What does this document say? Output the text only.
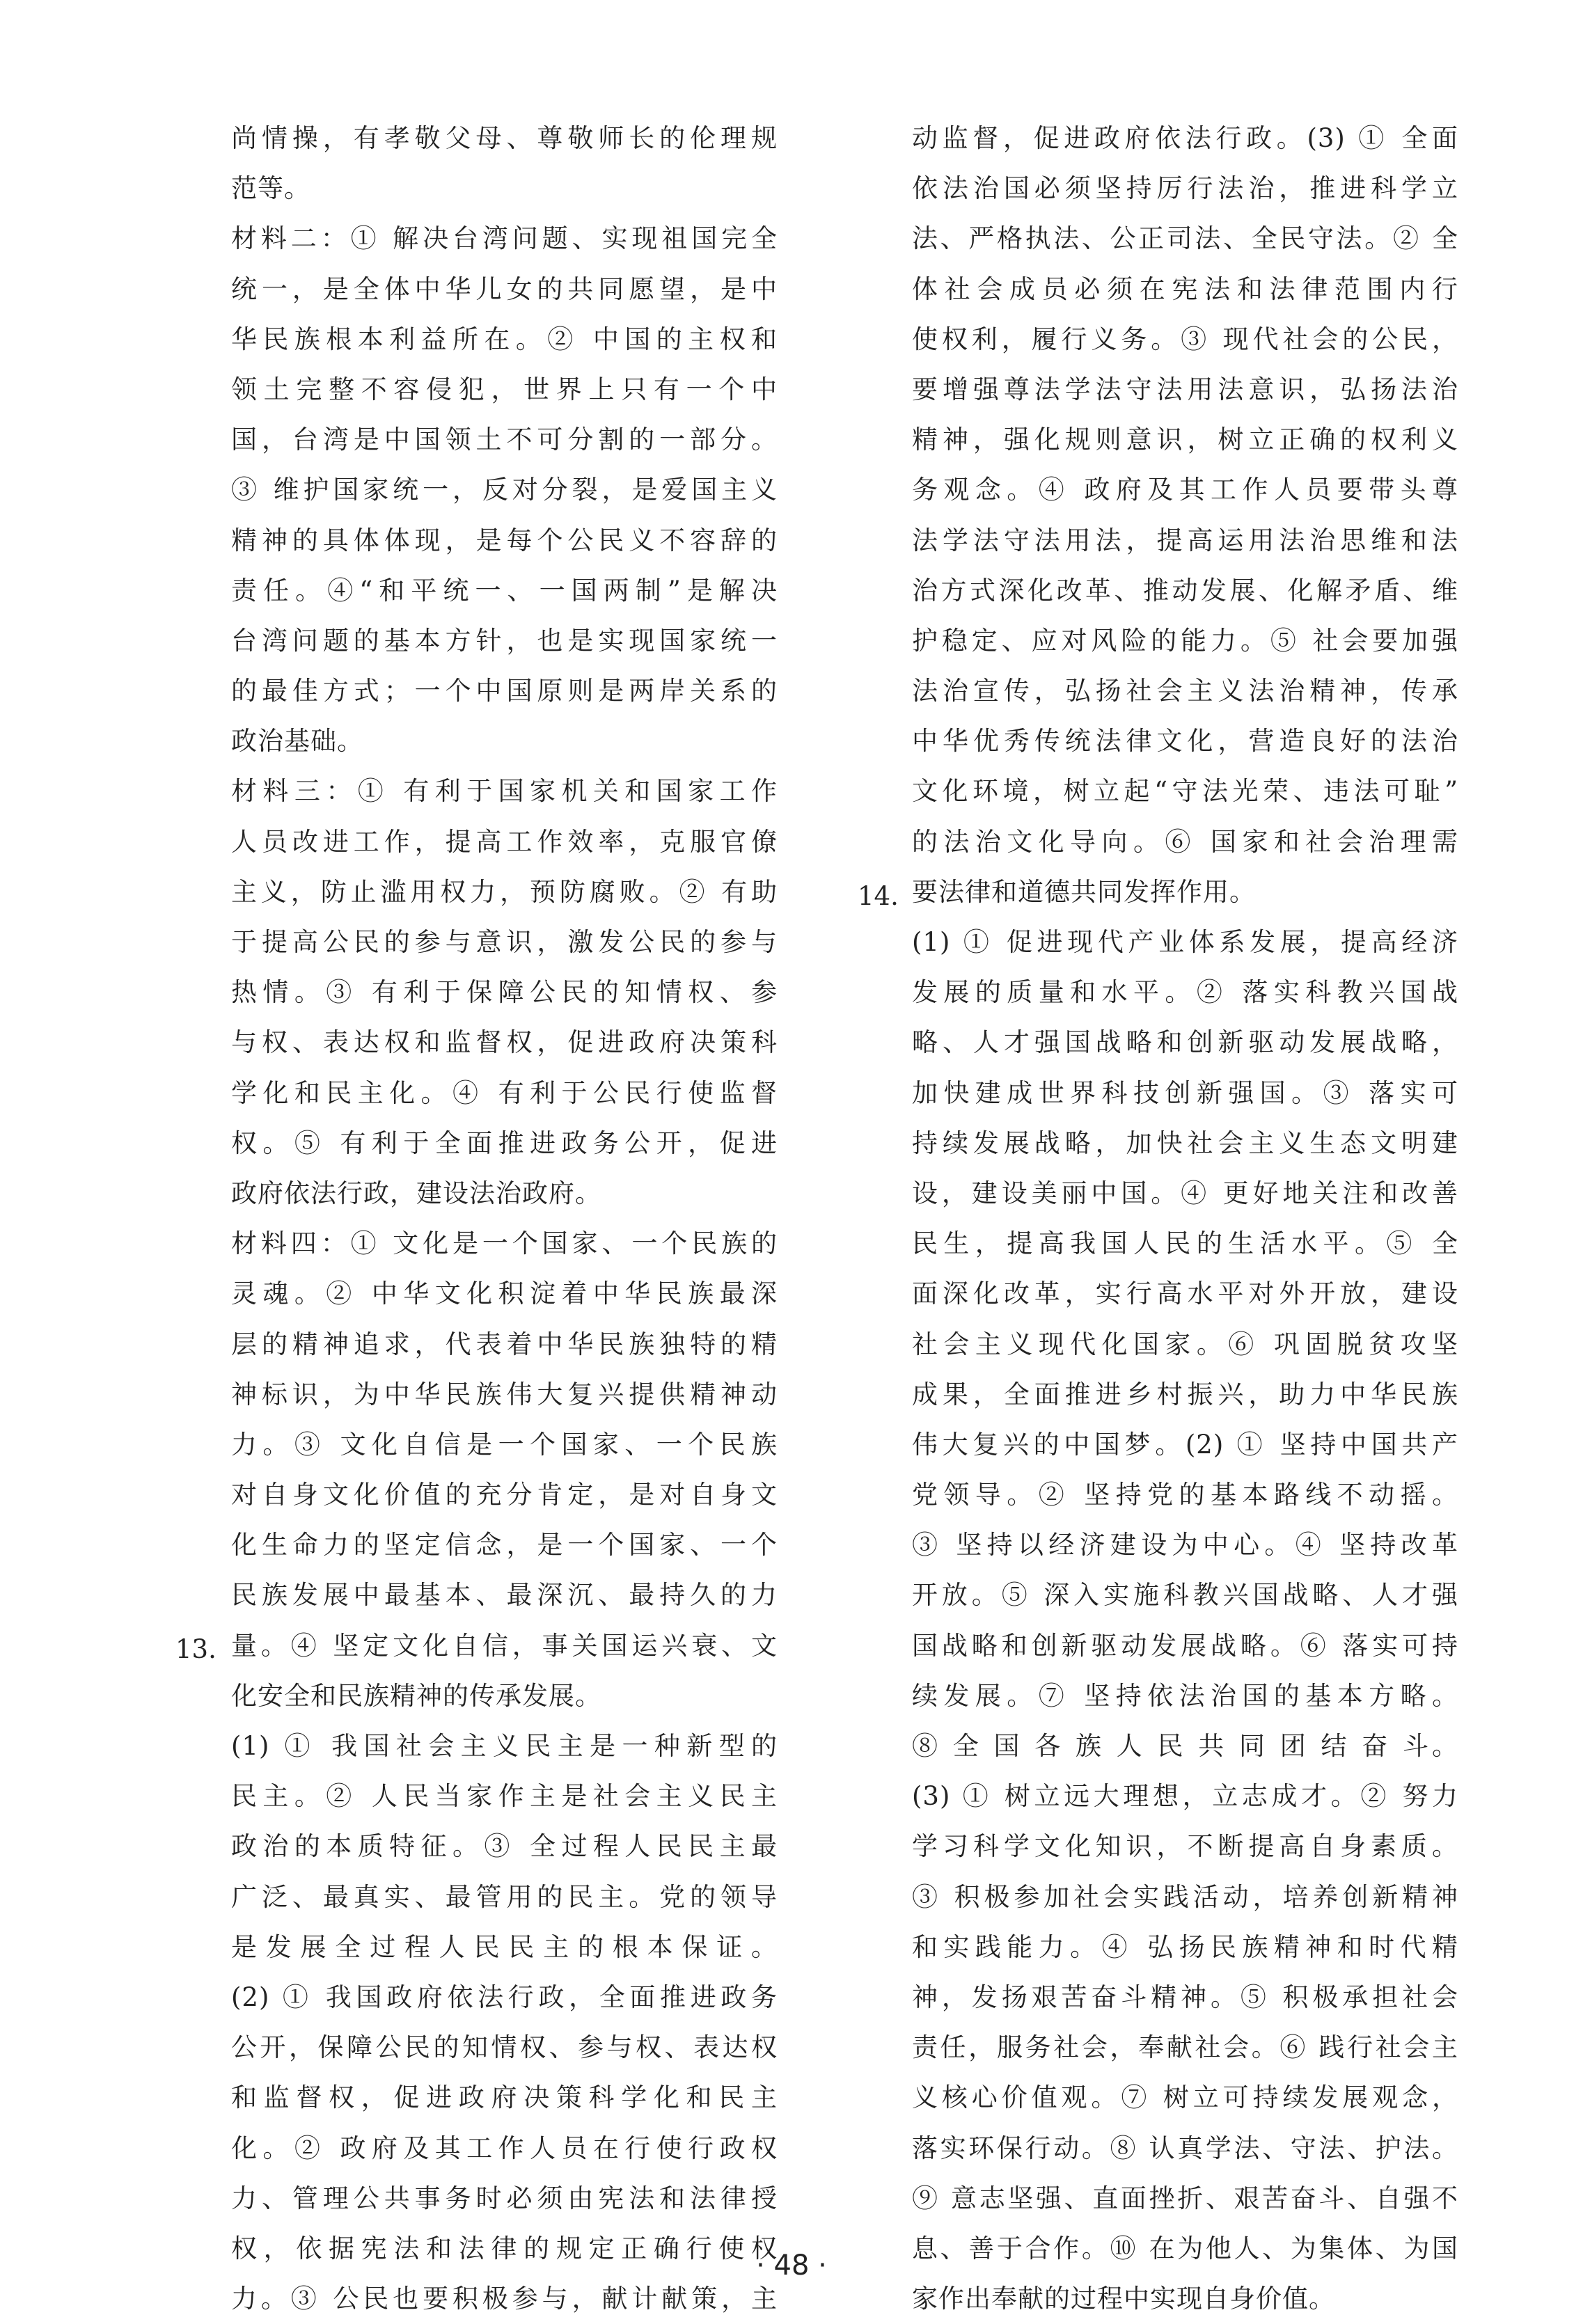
尚情操，有孝敬父母、尊敬师长的伦理规
范等。
材料二：① 解决台湾问题、实现祖国完全
统一，是全体中华儿女的共同愿望，是中
华民族根本利益所在。② 中国的主权和
领土完整不容侵犯，世界上只有一个中
国，台湾是中国领土不可分割的一部分。
③ 维护国家统一，反对分裂，是爱国主义
精神的具体体现，是每个公民义不容辞的
责任。④“和平统一、一国两制”是解决
台湾问题的基本方针，也是实现国家统一
的最佳方式；一个中国原则是两岸关系的
政治基础。
材料三：① 有利于国家机关和国家工作
人员改进工作，提高工作效率，克服官僚
主义，防止滥用权力，预防腐败。② 有助
于提高公民的参与意识，激发公民的参与
热情。③ 有利于保障公民的知情权、参
与权、表达权和监督权，促进政府决策科
学化和民主化。④ 有利于公民行使监督
权。⑤ 有利于全面推进政务公开，促进
政府依法行政，建设法治政府。
材料四：① 文化是一个国家、一个民族的
灵魂。② 中华文化积淀着中华民族最深
层的精神追求，代表着中华民族独特的精
神标识，为中华民族伟大复兴提供精神动
力。③ 文化自信是一个国家、一个民族
对自身文化价值的充分肯定，是对自身文
化生命力的坚定信念，是一个国家、一个
民族发展中最基本、最深沉、最持久的力
量。④ 坚定文化自信，事关国运兴衰、文
化安全和民族精神的传承发展。
(1) ① 我国社会主义民主是一种新型的
民主。② 人民当家作主是社会主义民主
政治的本质特征。③ 全过程人民民主最
广泛、最真实、最管用的民主。党的领导
是发展全过程人民民主的根本保证。
(2) ① 我国政府依法行政，全面推进政务
公开，保障公民的知情权、参与权、表达权
和监督权，促进政府决策科学化和民主
化。② 政府及其工作人员在行使行政权
力、管理公共事务时必须由宪法和法律授
权，依据宪法和法律的规定正确行使权
力。③ 公民也要积极参与，献计献策，主
动监督，促进政府依法行政。(3) ① 全面
依法治国必须坚持厉行法治，推进科学立
法、严格执法、公正司法、全民守法。② 全
体社会成员必须在宪法和法律范围内行
使权利，履行义务。③ 现代社会的公民，
要增强尊法学法守法用法意识，弘扬法治
精神，强化规则意识，树立正确的权利义
务观念。④ 政府及其工作人员要带头尊
法学法守法用法，提高运用法治思维和法
治方式深化改革、推动发展、化解矛盾、维
护稳定、应对风险的能力。⑤ 社会要加强
法治宣传，弘扬社会主义法治精神，传承
中华优秀传统法律文化，营造良好的法治
文化环境，树立起“守法光荣、违法可耻”
的法治文化导向。⑥ 国家和社会治理需
要法律和道德共同发挥作用。
(1) ① 促进现代产业体系发展，提高经济
发展的质量和水平。② 落实科教兴国战
略、人才强国战略和创新驱动发展战略，
加快建成世界科技创新强国。③ 落实可
持续发展战略，加快社会主义生态文明建
设，建设美丽中国。④ 更好地关注和改善
民生，提高我国人民的生活水平。⑤ 全
面深化改革，实行高水平对外开放，建设
社会主义现代化国家。⑥ 巩固脱贫攻坚
成果，全面推进乡村振兴，助力中华民族
伟大复兴的中国梦。(2) ① 坚持中国共产
党领导。② 坚持党的基本路线不动摇。
③ 坚持以经济建设为中心。④ 坚持改革
开放。⑤ 深入实施科教兴国战略、人才强
国战略和创新驱动发展战略。⑥ 落实可持
续发展。⑦ 坚持依法治国的基本方略。
⑧ 全 国 各 族 人 民 共 同 团 结 奋 斗。
(3) ① 树立远大理想，立志成才。② 努力
学习科学文化知识，不断提高自身素质。
③ 积极参加社会实践活动，培养创新精神
和实践能力。④ 弘扬民族精神和时代精
神，发扬艰苦奋斗精神。⑤ 积极承担社会
责任，服务社会，奉献社会。⑥ 践行社会主
义核心价值观。⑦ 树立可持续发展观念，
落实环保行动。⑧ 认真学法、守法、护法。
⑨ 意志坚强、直面挫折、艰苦奋斗、自强不
息、善于合作。⑩ 在为他人、为集体、为国
家作出奉献的过程中实现自身价值。
13.
14.
· 48 ·
